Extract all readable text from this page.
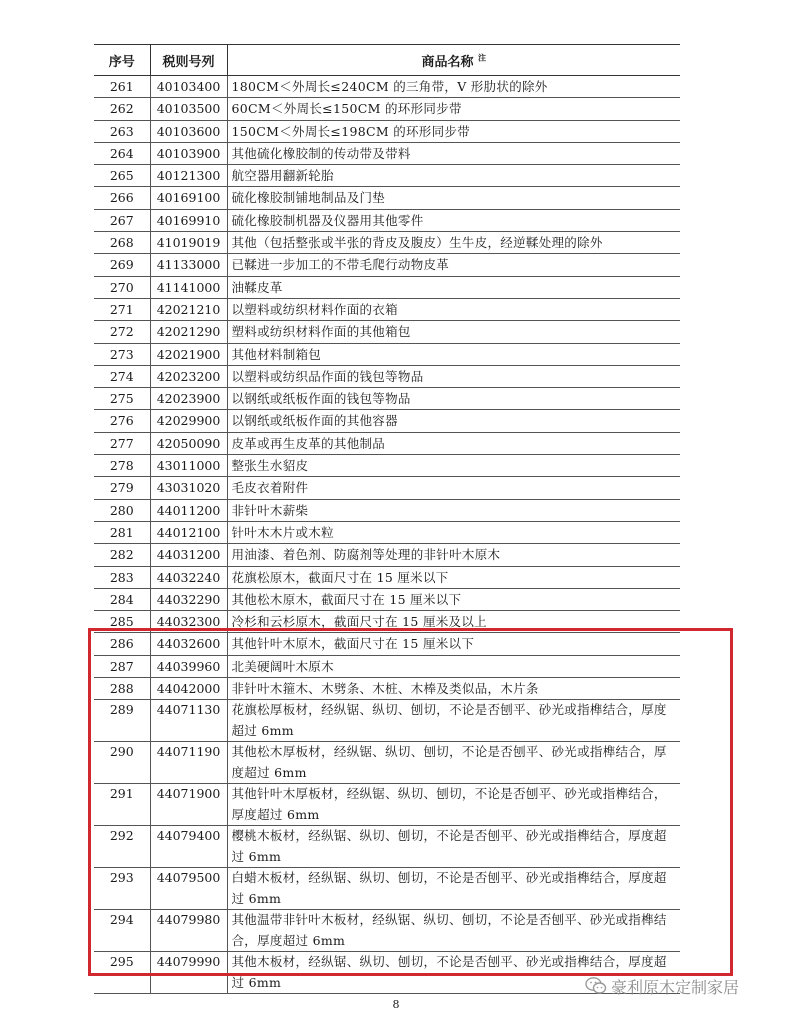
序号	税则号列	商品名称 $^注$
261	40103400	180CM＜外周长≤240CM 的三角带，V 形肋状的除外
262	40103500	60CM＜外周长≤150CM 的环形同步带
263	40103600	150CM＜外周长≤198CM 的环形同步带
264	40103900	其他硫化橡胶制的传动带及带料
265	40121300	航空器用翻新轮胎
266	40169100	硫化橡胶制铺地制品及门垫
267	40169910	硫化橡胶制机器及仪器用其他零件
268	41019019	其他（包括整张或半张的背皮及腹皮）生牛皮，经逆鞣处理的除外
269	41133000	已鞣进一步加工的不带毛爬行动物皮革
270	41141000	油鞣皮革
271	42021210	以塑料或纺织材料作面的衣箱
272	42021290	塑料或纺织材料作面的其他箱包
273	42021900	其他材料制箱包
274	42023200	以塑料或纺织品作面的钱包等物品
275	42023900	以钢纸或纸板作面的钱包等物品
276	42029900	以钢纸或纸板作面的其他容器
277	42050090	皮革或再生皮革的其他制品
278	43011000	整张生水貂皮
279	43031020	毛皮衣着附件
280	44011200	非针叶木薪柴
281	44012100	针叶木木片或木粒
282	44031200	用油漆、着色剂、防腐剂等处理的非针叶木原木
283	44032240	花旗松原木，截面尺寸在 15 厘米以下
284	44032290	其他松木原木，截面尺寸在 15 厘米以下
285	44032300	冷杉和云杉原木，截面尺寸在 15 厘米及以上
286	44032600	其他针叶木原木，截面尺寸在 15 厘米以下
287	44039960	北美硬阔叶木原木
288	44042000	非针叶木箍木、木劈条、木桩、木棒及类似品，木片条
289	44071130	花旗松厚板材，经纵锯、纵切、刨切，不论是否刨平、砂光或指榫结合，厚度超过 6mm
290	44071190	其他松木厚板材，经纵锯、纵切、刨切，不论是否刨平、砂光或指榫结合，厚度超过 6mm
291	44071900	其他针叶木厚板材，经纵锯、纵切、刨切，不论是否刨平、砂光或指榫结合，厚度超过 6mm
292	44079400	樱桃木板材，经纵锯、纵切、刨切，不论是否刨平、砂光或指榫结合，厚度超过 6mm
293	44079500	白蜡木板材，经纵锯、纵切、刨切，不论是否刨平、砂光或指榫结合，厚度超过 6mm
294	44079980	其他温带非针叶木板材，经纵锯、纵切、刨切，不论是否刨平、砂光或指榫结合，厚度超过 6mm
295	44079990	其他木板材，经纵锯、纵切、刨切，不论是否刨平、砂光或指榫结合，厚度超过 6mm
8
豪利原木定制家居
